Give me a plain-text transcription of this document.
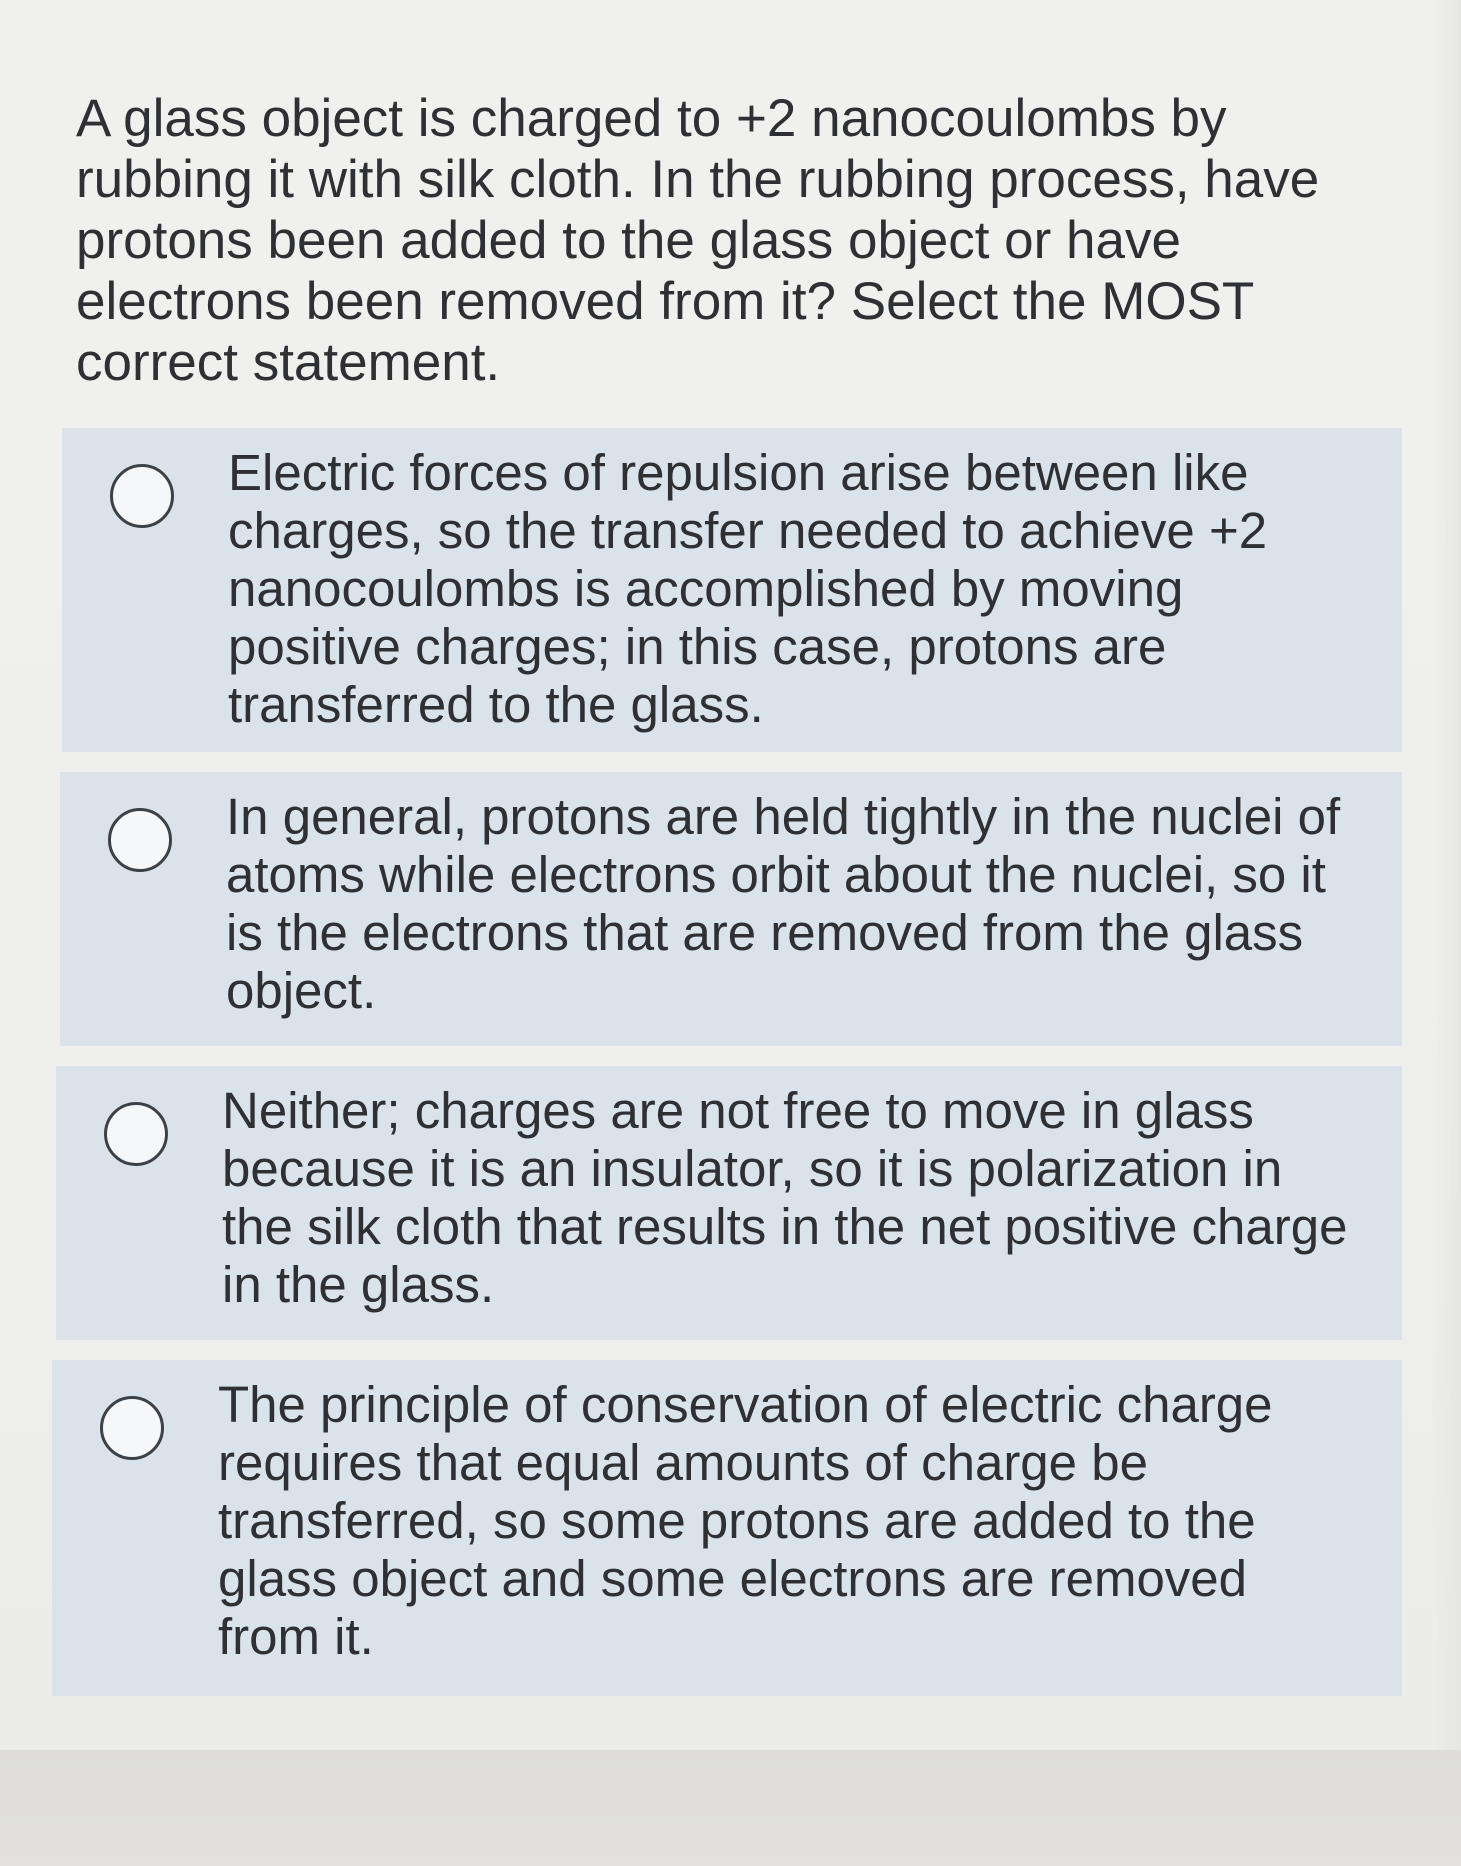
A glass object is charged to +2 nanocoulombs by rubbing it with silk cloth. In the rubbing process, have protons been added to the glass object or have electrons been removed from it? Select the MOST correct statement.

Electric forces of repulsion arise between like charges, so the transfer needed to achieve +2 nanocoulombs is accomplished by moving positive charges; in this case, protons are transferred to the glass.
In general, protons are held tightly in the nuclei of atoms while electrons orbit about the nuclei, so it is the electrons that are removed from the glass object.
Neither; charges are not free to move in glass because it is an insulator, so it is polarization in the silk cloth that results in the net positive charge in the glass.
The principle of conservation of electric charge requires that equal amounts of charge be transferred, so some protons are added to the glass object and some electrons are removed from it.
